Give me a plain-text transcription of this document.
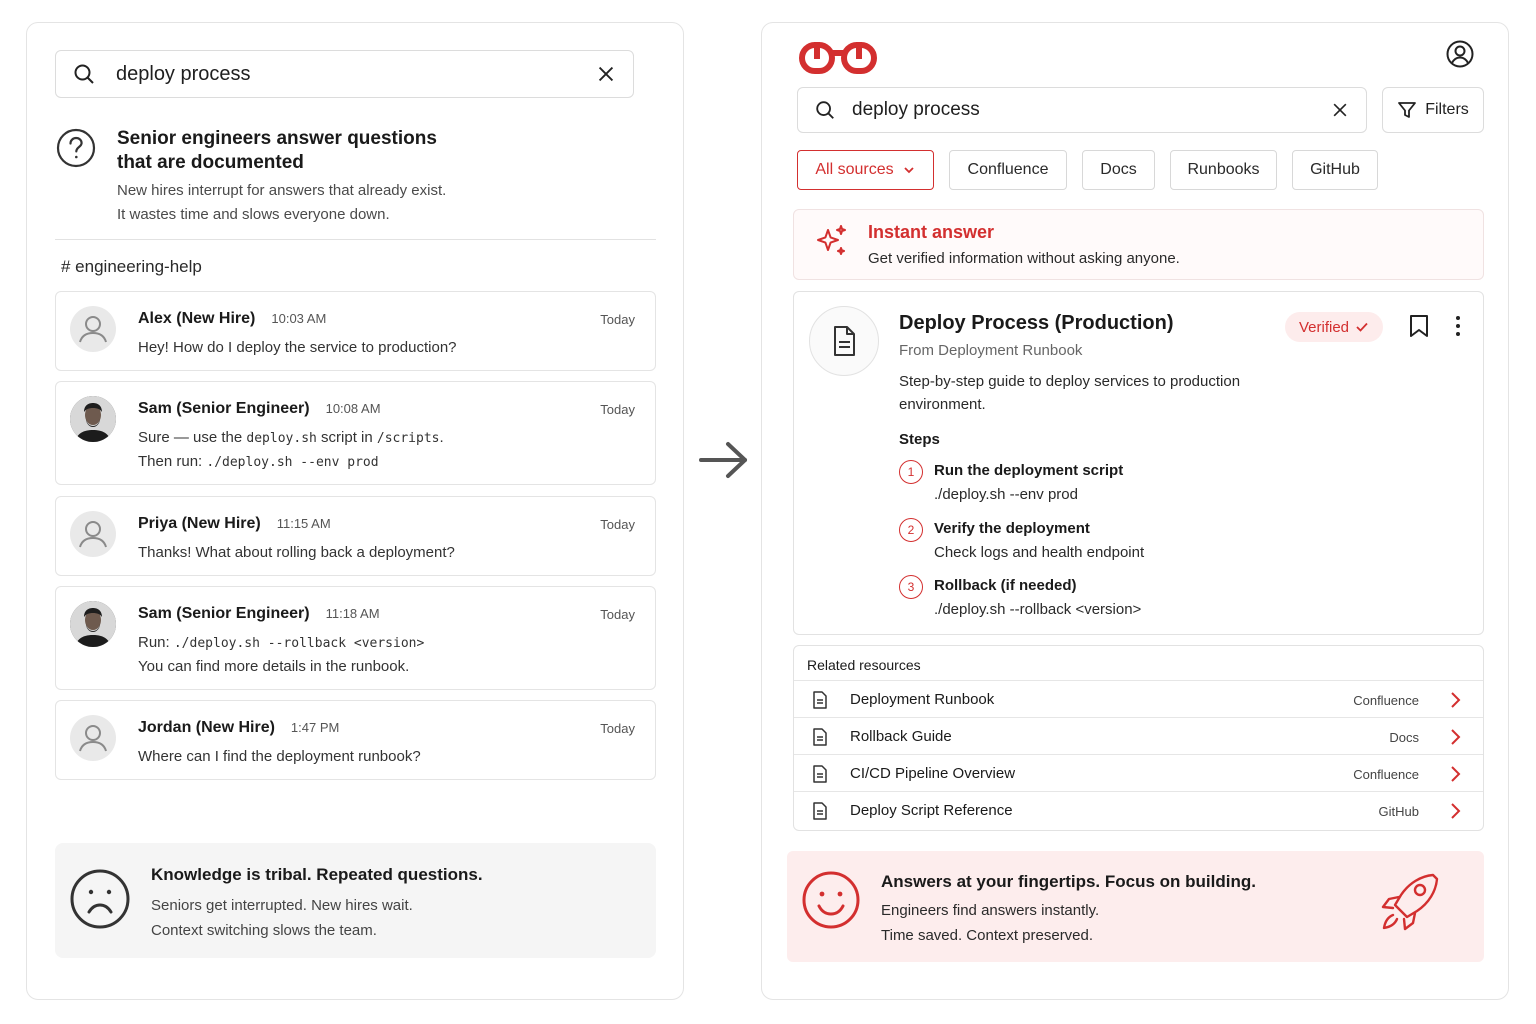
deploy process
Senior engineers answer questions that are documented
New hires interrupt for answers that already exist.
It wastes time and slows everyone down.
# engineering-help
Alex (New Hire) 10:03 AM	Today
Hey! How do I deploy the service to production?
Sam (Senior Engineer) 10:08 AM	Today
Sure — use the deploy.sh script in /scripts.
Then run: ./deploy.sh --env prod
Priya (New Hire) 11:15 AM	Today
Thanks! What about rolling back a deployment?
Sam (Senior Engineer) 11:18 AM	Today
Run: ./deploy.sh --rollback <version>
You can find more details in the runbook.
Jordan (New Hire) 1:47 PM	Today
Where can I find the deployment runbook?
Knowledge is tribal. Repeated questions.
Seniors get interrupted. New hires wait.
Context switching slows the team.
deploy process	Filters
All sources	Confluence	Docs	Runbooks	GitHub
Instant answer
Get verified information without asking anyone.
Deploy Process (Production)
From Deployment Runbook
Step-by-step guide to deploy services to production environment.
Verified
Steps
1	Run the deployment script
./deploy.sh --env prod
2	Verify the deployment
Check logs and health endpoint
3	Rollback (if needed)
./deploy.sh --rollback <version>
Related resources
Deployment Runbook	Confluence
Rollback Guide	Docs
CI/CD Pipeline Overview	Confluence
Deploy Script Reference	GitHub
Answers at your fingertips. Focus on building.
Engineers find answers instantly.
Time saved. Context preserved.
